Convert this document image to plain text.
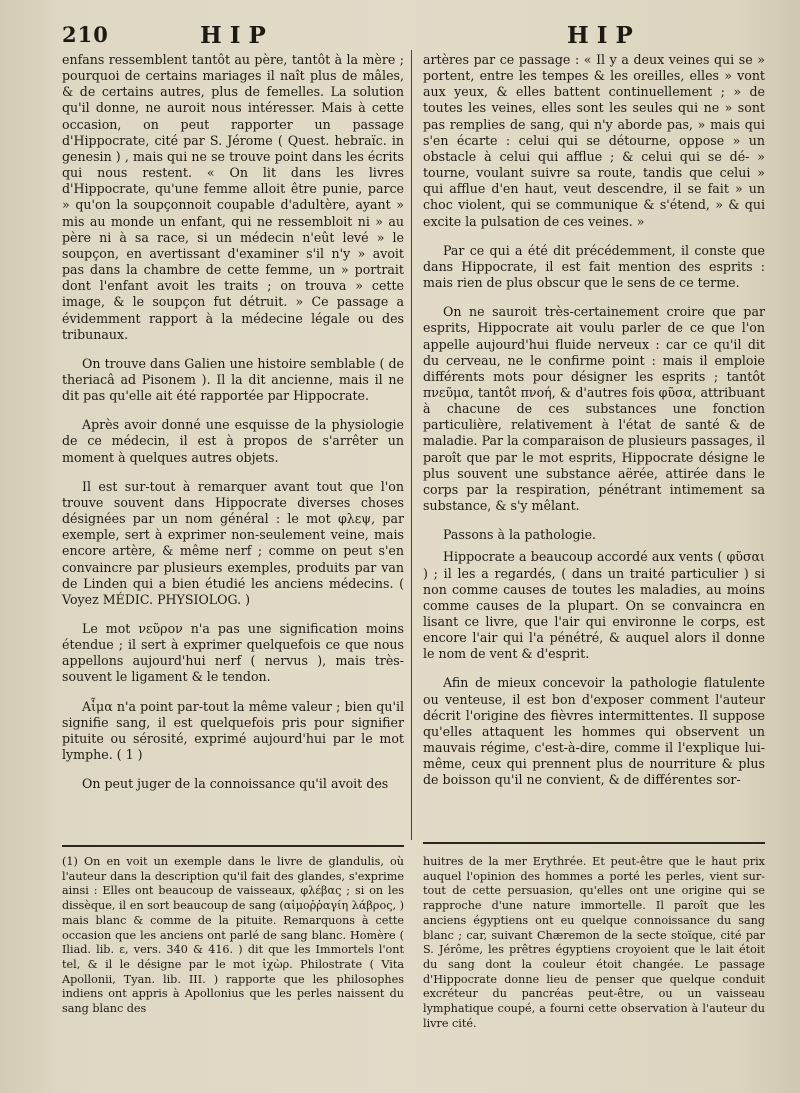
210	HIP	HIP

enfans ressemblent tantôt au père, tantôt à la mère ; pourquoi de certains mariages il naît plus de mâles, & de certains autres, plus de femelles. La solution qu'il donne, ne auroit nous intéresser. Mais à cette occasion, on peut rapporter un passage d'Hippocrate, cité par S. Jérome ( Quest. hebraïc. in genesin ) , mais qui ne se trouve point dans les écrits qui nous restent. « On lit dans les livres d'Hippocrate, qu'une femme alloit être punie, parce » qu'on la soupçonnoit coupable d'adultère, ayant » mis au monde un enfant, qui ne ressembloit ni » au père ni à sa race, si un médecin n'eût levé » le soupçon, en avertissant d'examiner s'il n'y » avoit pas dans la chambre de cette femme, un » portrait dont l'enfant avoit les traits ; on trouva » cette image, & le soupçon fut détruit. » Ce passage a évidemment rapport à la médecine légale ou des tribunaux.

On trouve dans Galien une histoire semblable ( de theriacâ ad Pisonem ). Il la dit ancienne, mais il ne dit pas qu'elle ait été rapportée par Hippocrate.

Après avoir donné une esquisse de la physiologie de ce médecin, il est à propos de s'arrêter un moment à quelques autres objets.

Il est sur-tout à remarquer avant tout que l'on trouve souvent dans Hippocrate diverses choses désignées par un nom général : le mot φλεψ, par exemple, sert à exprimer non-seulement veine, mais encore artère, & même nerf ; comme on peut s'en convaincre par plusieurs exemples, produits par van de Linden qui a bien étudié les anciens médecins. ( Voyez MÉDIC. PHYSIOLOG. )

Le mot νεῦρον n'a pas une signification moins étendue ; il sert à exprimer quelquefois ce que nous appellons aujourd'hui nerf ( nervus ), mais très-souvent le ligament & le tendon.

Αἷμα n'a point par-tout la même valeur ; bien qu'il signifie sang, il est quelquefois pris pour signifier pituite ou sérosité, exprimé aujourd'hui par le mot lymphe. ( 1 )

On peut juger de la connoissance qu'il avoit des

artères par ce passage : « Il y a deux veines qui se » portent, entre les tempes & les oreilles, elles » vont aux yeux, & elles battent continuellement ; » de toutes les veines, elles sont les seules qui ne » sont pas remplies de sang, qui n'y aborde pas, » mais qui s'en écarte : celui qui se détourne, oppose » un obstacle à celui qui afflue ; & celui qui se dé- » tourne, voulant suivre sa route, tandis que celui » qui afflue d'en haut, veut descendre, il se fait » un choc violent, qui se communique & s'étend, » & qui excite la pulsation de ces veines. »

Par ce qui a été dit précédemment, il conste que dans Hippocrate, il est fait mention des esprits : mais rien de plus obscur que le sens de ce terme.

On ne sauroit très-certainement croire que par esprits, Hippocrate ait voulu parler de ce que l'on appelle aujourd'hui fluide nerveux : car ce qu'il dit du cerveau, ne le confirme point : mais il emploie différents mots pour désigner les esprits ; tantôt πνεῦμα, tantôt πνοή, & d'autres fois φῦσα, attribuant à chacune de ces substances une fonction particulière, relativement à l'état de santé & de maladie. Par la comparaison de plusieurs passages, il paroît que par le mot esprits, Hippocrate désigne le plus souvent une substance aërée, attirée dans le corps par la respiration, pénétrant intimement sa substance, & s'y mêlant.

Passons à la pathologie.

Hippocrate a beaucoup accordé aux vents ( φῦσαι ) ; il les a regardés, ( dans un traité particulier ) si non comme causes de toutes les maladies, au moins comme causes de la plupart. On se convaincra en lisant ce livre, que l'air qui environne le corps, est encore l'air qui l'a pénétré, & auquel alors il donne le nom de vent & d'esprit.

Afin de mieux concevoir la pathologie flatulente ou venteuse, il est bon d'exposer comment l'auteur décrit l'origine des fièvres intermittentes. Il suppose qu'elles attaquent les hommes qui observent un mauvais régime, c'est-à-dire, comme il l'explique lui-même, ceux qui prennent plus de nourriture & plus de boisson qu'il ne convient, & de différentes sor-

(1) On en voit un exemple dans le livre de glandulis, où l'auteur dans la description qu'il fait des glandes, s'exprime ainsi : Elles ont beaucoup de vaisseaux, φλέβας ; si on les dissèque, il en sort beaucoup de sang (αἱμοῤῥαγίη λάβρος, ) mais blanc & comme de la pituite. Remarquons à cette occasion que les anciens ont parlé de sang blanc. Homère ( Iliad. lib. ε, vers. 340 & 416. ) dit que les Immortels l'ont tel, & il le désigne par le mot ἰχὼρ. Philostrate ( Vita Apollonii, Tyan. lib. III. ) rapporte que les philosophes indiens ont appris à Apollonius que les perles naissent du sang blanc des

huitres de la mer Erythrée. Et peut-être que le haut prix auquel l'opinion des hommes a porté les perles, vient sur-tout de cette persuasion, qu'elles ont une origine qui se rapproche d'une nature immortelle. Il paroît que les anciens égyptiens ont eu quelque connoissance du sang blanc ; car, suivant Chæremon de la secte stoïque, cité par S. Jérôme, les prêtres égyptiens croyoient que le lait étoit du sang dont la couleur étoit changée. Le passage d'Hippocrate donne lieu de penser que quelque conduit excréteur du pancréas peut-être, ou un vaisseau lymphatique coupé, a fourni cette observation à l'auteur du livre cité.
